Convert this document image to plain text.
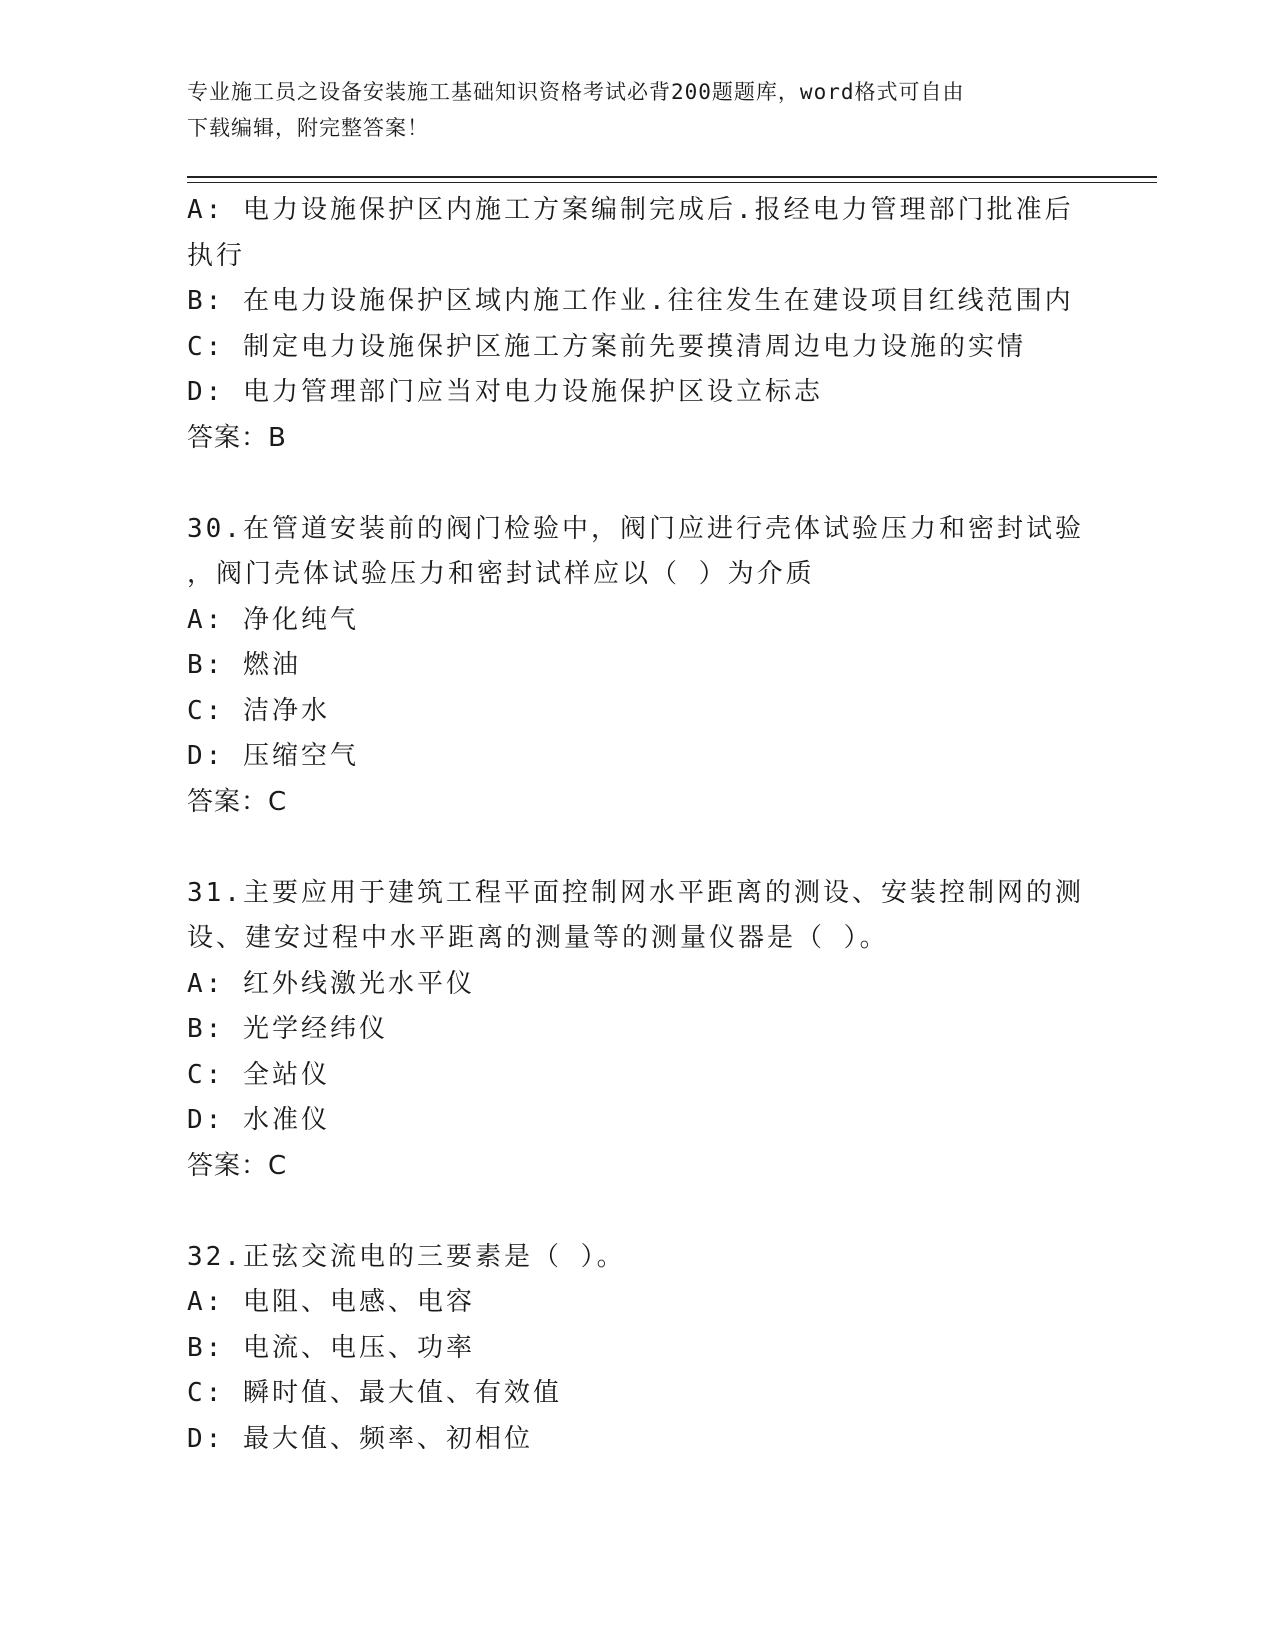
专业施工员之设备安装施工基础知识资格考试必背200题题库，word格式可自由
下载编辑，附完整答案！
A: 电力设施保护区内施工方案编制完成后.报经电力管理部门批准后
执行
B: 在电力设施保护区域内施工作业.往往发生在建设项目红线范围内
C: 制定电力设施保护区施工方案前先要摸清周边电力设施的实情
D: 电力管理部门应当对电力设施保护区设立标志
答案：B
30.在管道安装前的阀门检验中，阀门应进行壳体试验压力和密封试验
，阀门壳体试验压力和密封试样应以（ ）为介质
A: 净化纯气
B: 燃油
C: 洁净水
D: 压缩空气
答案：C
31.主要应用于建筑工程平面控制网水平距离的测设、安装控制网的测
设、建安过程中水平距离的测量等的测量仪器是（ ）。
A: 红外线激光水平仪
B: 光学经纬仪
C: 全站仪
D: 水准仪
答案：C
32.正弦交流电的三要素是（ ）。
A: 电阻、电感、电容
B: 电流、电压、功率
C: 瞬时值、最大值、有效值
D: 最大值、频率、初相位
